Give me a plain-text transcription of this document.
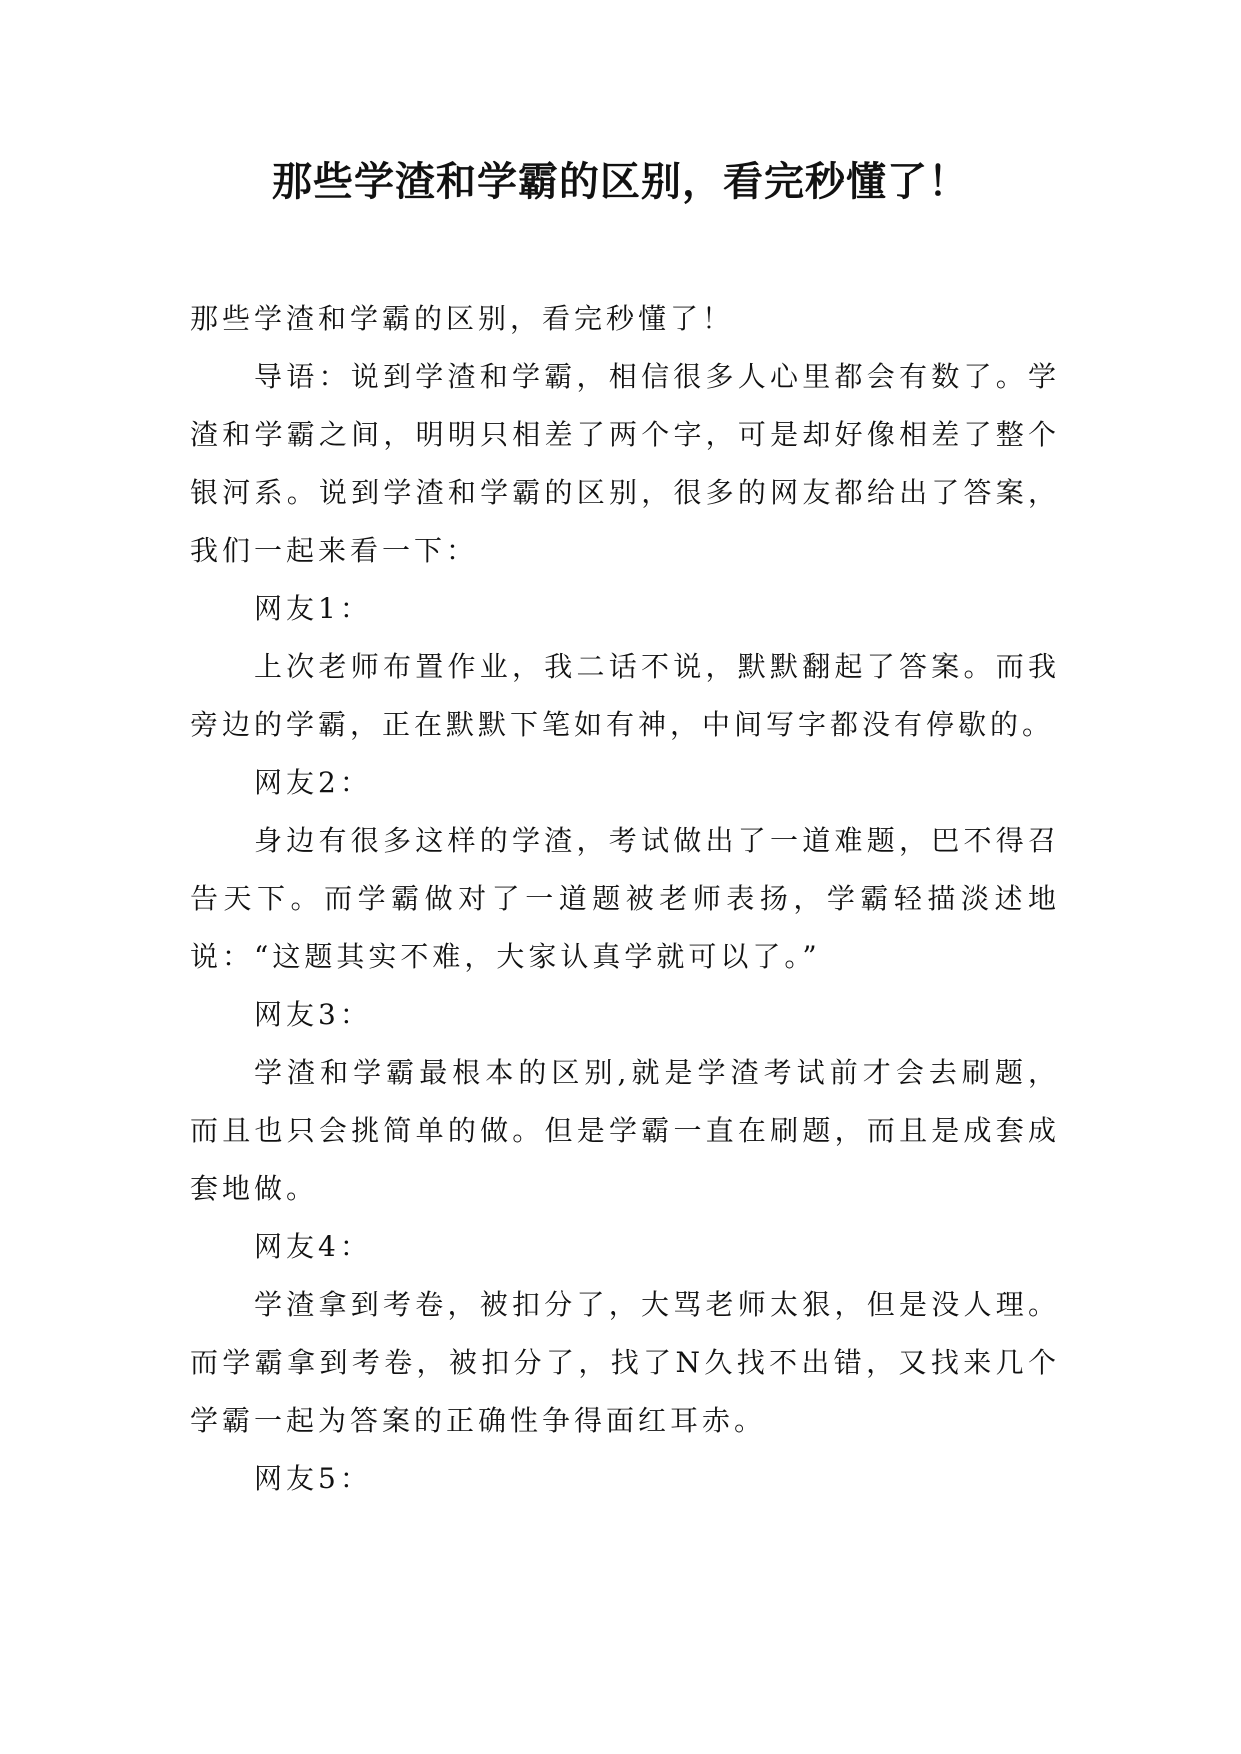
那些学渣和学霸的区别，看完秒懂了！

那些学渣和学霸的区别，看完秒懂了！

导语：说到学渣和学霸，相信很多人心里都会有数了。学渣和学霸之间，明明只相差了两个字，可是却好像相差了整个银河系。说到学渣和学霸的区别，很多的网友都给出了答案，我们一起来看一下：

网友1：

上次老师布置作业，我二话不说，默默翻起了答案。而我旁边的学霸，正在默默下笔如有神，中间写字都没有停歇的。

网友2：

身边有很多这样的学渣，考试做出了一道难题，巴不得召告天下。而学霸做对了一道题被老师表扬，学霸轻描淡述地说：“这题其实不难，大家认真学就可以了。”

网友3：

学渣和学霸最根本的区别,就是学渣考试前才会去刷题，而且也只会挑简单的做。但是学霸一直在刷题，而且是成套成套地做。

网友4：

学渣拿到考卷，被扣分了，大骂老师太狠，但是没人理。而学霸拿到考卷，被扣分了，找了N久找不出错，又找来几个学霸一起为答案的正确性争得面红耳赤。

网友5：
